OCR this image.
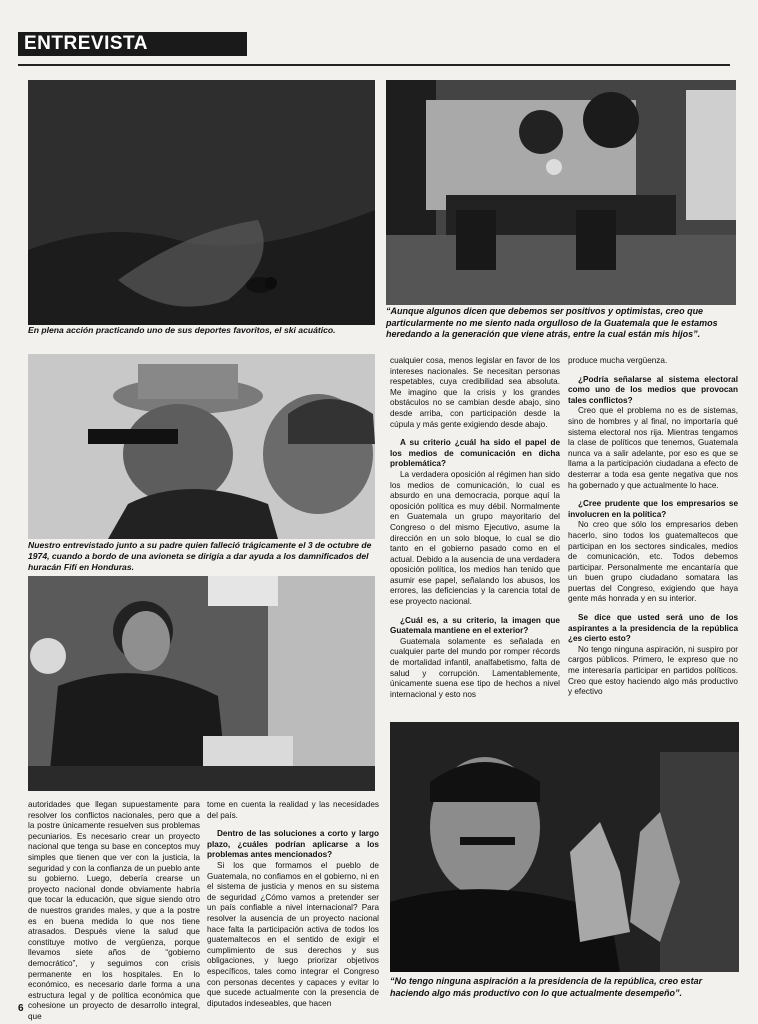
ENTREVISTA
En plena acción practicando uno de sus deportes favoritos, el ski acuático.
“Aunque algunos dicen que debemos ser positivos y optimistas, creo que particularmente no me siento nada orgulloso de la Guatemala que le estamos heredando a la generación que viene atrás, entre la cual están mis hijos”.
Nuestro entrevistado junto a su padre quien falleció trágicamente el 3 de octubre de 1974, cuando a bordo de una avioneta se dirigía a dar ayuda a los damnificados del huracán Fifí en Honduras.
“No tengo ninguna aspiración a la presidencia de la república, creo estar haciendo algo más productivo con lo que actualmente desempeño”.

cualquier cosa, menos legislar en favor de los intereses nacionales. Se necesitan personas respetables, cuya credibilidad sea absoluta. Me imagino que la crisis y los grandes obstáculos no se cambian desde abajo, sino desde arriba, con participación desde la cúpula y más gente exigiendo desde abajo.

A su criterio ¿cuál ha sido el papel de los medios de comunicación en dicha problemática?

La verdadera oposición al régimen han sido los medios de comunicación, lo cual es absurdo en una democracia, porque aquí la oposición política es muy débil. Normalmente en Guatemala un grupo mayoritario del Congreso o del mismo Ejecutivo, asume la dirección en un solo bloque, lo cual se dio tanto en el gobierno pasado como en el actual. Debido a la ausencia de una verdadera oposición política, los medios han tenido que asumir ese papel, señalando los abusos, los errores, las deficiencias y la carencia total de ese proyecto nacional.

¿Cuál es, a su criterio, la imagen que Guatemala mantiene en el exterior?

Guatemala solamente es señalada en cualquier parte del mundo por romper récords de mortalidad infantil, analfabetismo, falta de salud y corrupción. Lamentablemente, únicamente suena ese tipo de hechos a nivel internacional y esto nos

produce mucha vergüenza.

¿Podría señalarse al sistema electoral como uno de los medios que provocan tales conflictos?

Creo que el problema no es de sistemas, sino de hombres y al final, no importaría qué sistema electoral nos rija. Mientras tengamos la clase de políticos que tenemos, Guatemala nunca va a salir adelante, por eso es que se llama a la participación ciudadana a efecto de desterrar a toda esa gente negativa que nos ha gobernado y que actualmente lo hace.

¿Cree prudente que los empresarios se involucren en la política?

No creo que sólo los empresarios deben hacerlo, sino todos los guatemaltecos que participan en los sectores sindicales, medios de comunicación, etc. Todos debemos participar. Personalmente me encantaría que un buen grupo ciudadano somatara las puertas del Congreso, exigiendo que haya gente más honrada y en su interior.

Se dice que usted será uno de los aspirantes a la presidencia de la república ¿es cierto esto?

No tengo ninguna aspiración, ni suspiro por cargos públicos. Primero, le expreso que no me interesaría participar en partidos políticos. Creo que estoy haciendo algo más productivo y efectivo

autoridades que llegan supuestamente para resolver los conflictos nacionales, pero que a la postre únicamente resuelven sus problemas pecuniarios. Es necesario crear un proyecto nacional que tenga su base en conceptos muy simples que tienen que ver con la justicia, la seguridad y con la confianza de un pueblo ante su gobierno. Luego, debería crearse un proyecto nacional donde obviamente habría que tocar la educación, que sigue siendo otro de nuestros grandes males, y que a la postre es en buena medida lo que nos tiene atrasados. Después viene la salud que constituye motivo de vergüenza, porque llevamos siete años de “gobierno democrático”, y seguimos con crisis permanente en los hospitales. En lo económico, es necesario darle forma a una estructura legal y de política económica que cohesione un proyecto de desarrollo integral, que

tome en cuenta la realidad y las necesidades del país.

Dentro de las soluciones a corto y largo plazo, ¿cuáles podrían aplicarse a los problemas antes mencionados?

Si los que formamos el pueblo de Guatemala, no confiamos en el gobierno, ni en el sistema de justicia y menos en su sistema de seguridad ¿Cómo vamos a pretender ser un país confiable a nivel internacional? Para resolver la ausencia de un proyecto nacional hace falta la participación activa de todos los guatemaltecos en el sentido de exigir el cumplimiento de sus derechos y sus obligaciones, y luego priorizar objetivos específicos, tales como integrar el Congreso con personas decentes y capaces y evitar lo que sucede actualmente con la presencia de diputados indeseables, que hacen

6
